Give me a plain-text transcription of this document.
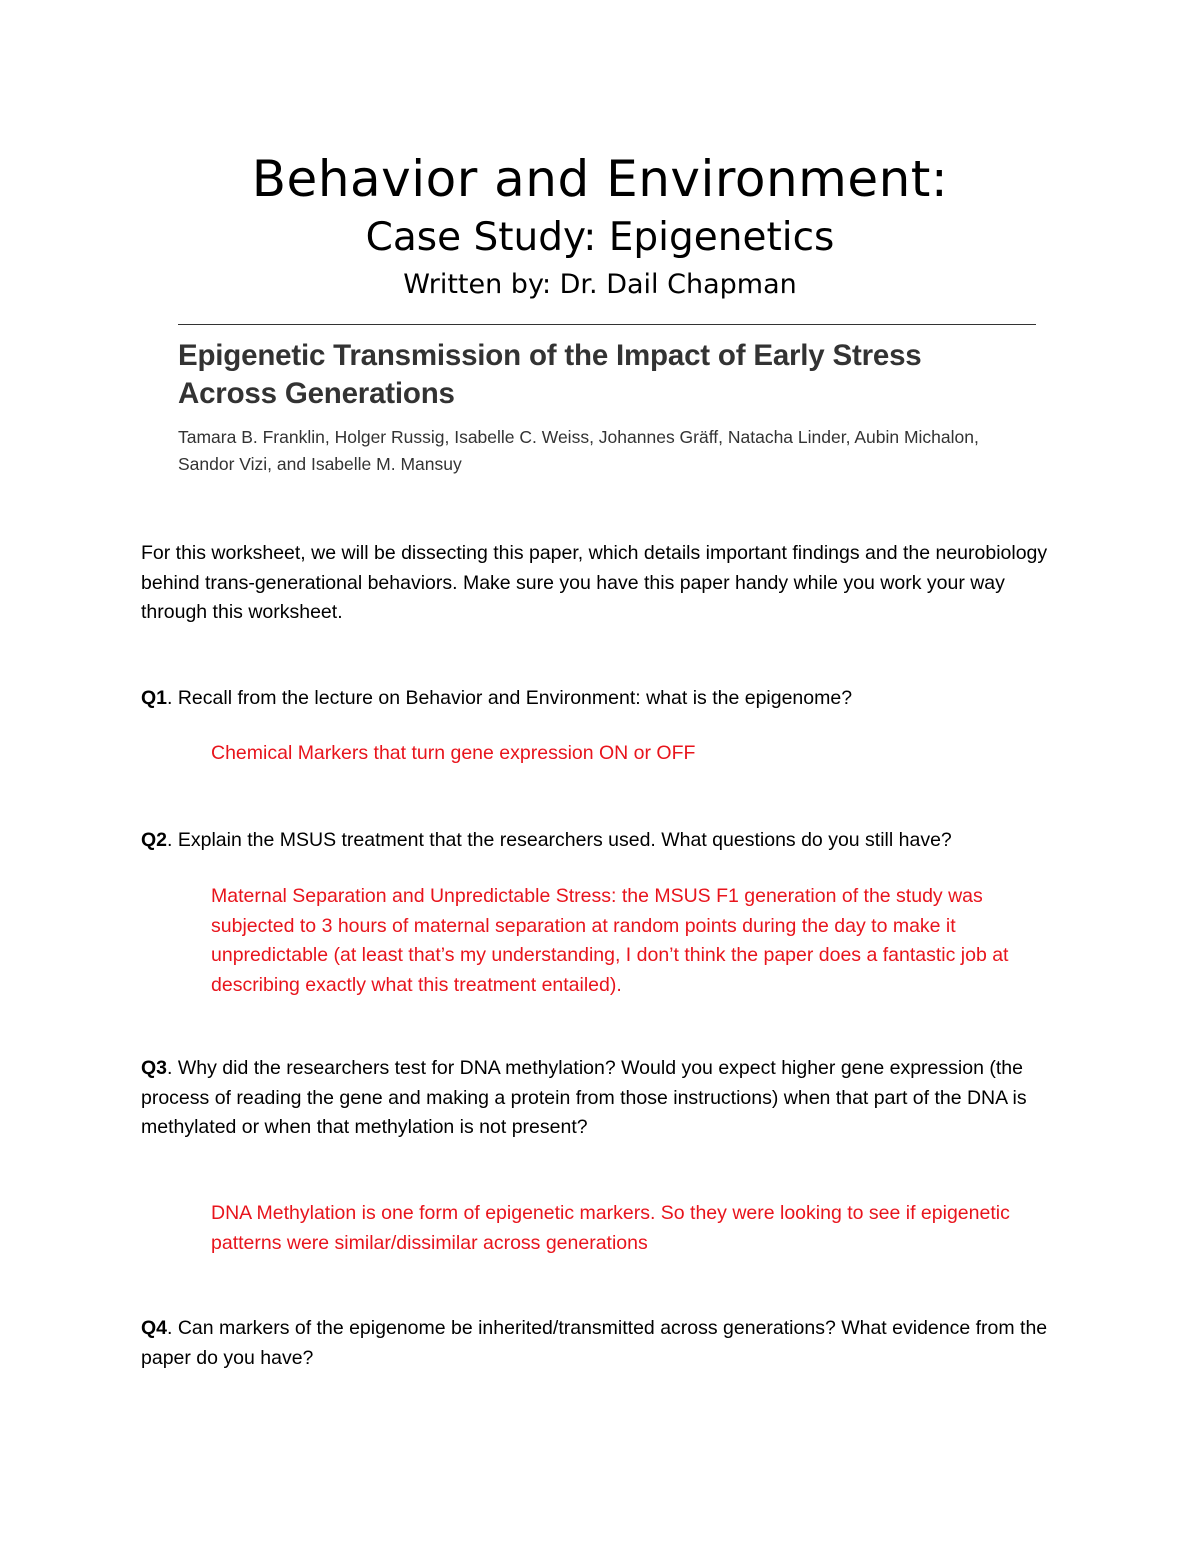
Behavior and Environment:
Case Study: Epigenetics
Written by: Dr. Dail Chapman
Epigenetic Transmission of the Impact of Early Stress
Across Generations
Tamara B. Franklin, Holger Russig, Isabelle C. Weiss, Johannes Gräff, Natacha Linder, Aubin Michalon,
Sandor Vizi, and Isabelle M. Mansuy

For this worksheet, we will be dissecting this paper, which details important findings and the neurobiology behind trans-generational behaviors. Make sure you have this paper handy while you work your way through this worksheet.

Q1. Recall from the lecture on Behavior and Environment: what is the epigenome?

Chemical Markers that turn gene expression ON or OFF

Q2. Explain the MSUS treatment that the researchers used. What questions do you still have?

Maternal Separation and Unpredictable Stress: the MSUS F1 generation of the study was subjected to 3 hours of maternal separation at random points during the day to make it unpredictable (at least that’s my understanding, I don’t think the paper does a fantastic job at describing exactly what this treatment entailed).

Q3. Why did the researchers test for DNA methylation? Would you expect higher gene expression (the process of reading the gene and making a protein from those instructions) when that part of the DNA is methylated or when that methylation is not present?

DNA Methylation is one form of epigenetic markers. So they were looking to see if epigenetic patterns were similar/dissimilar across generations

Q4. Can markers of the epigenome be inherited/transmitted across generations? What evidence from the paper do you have?
